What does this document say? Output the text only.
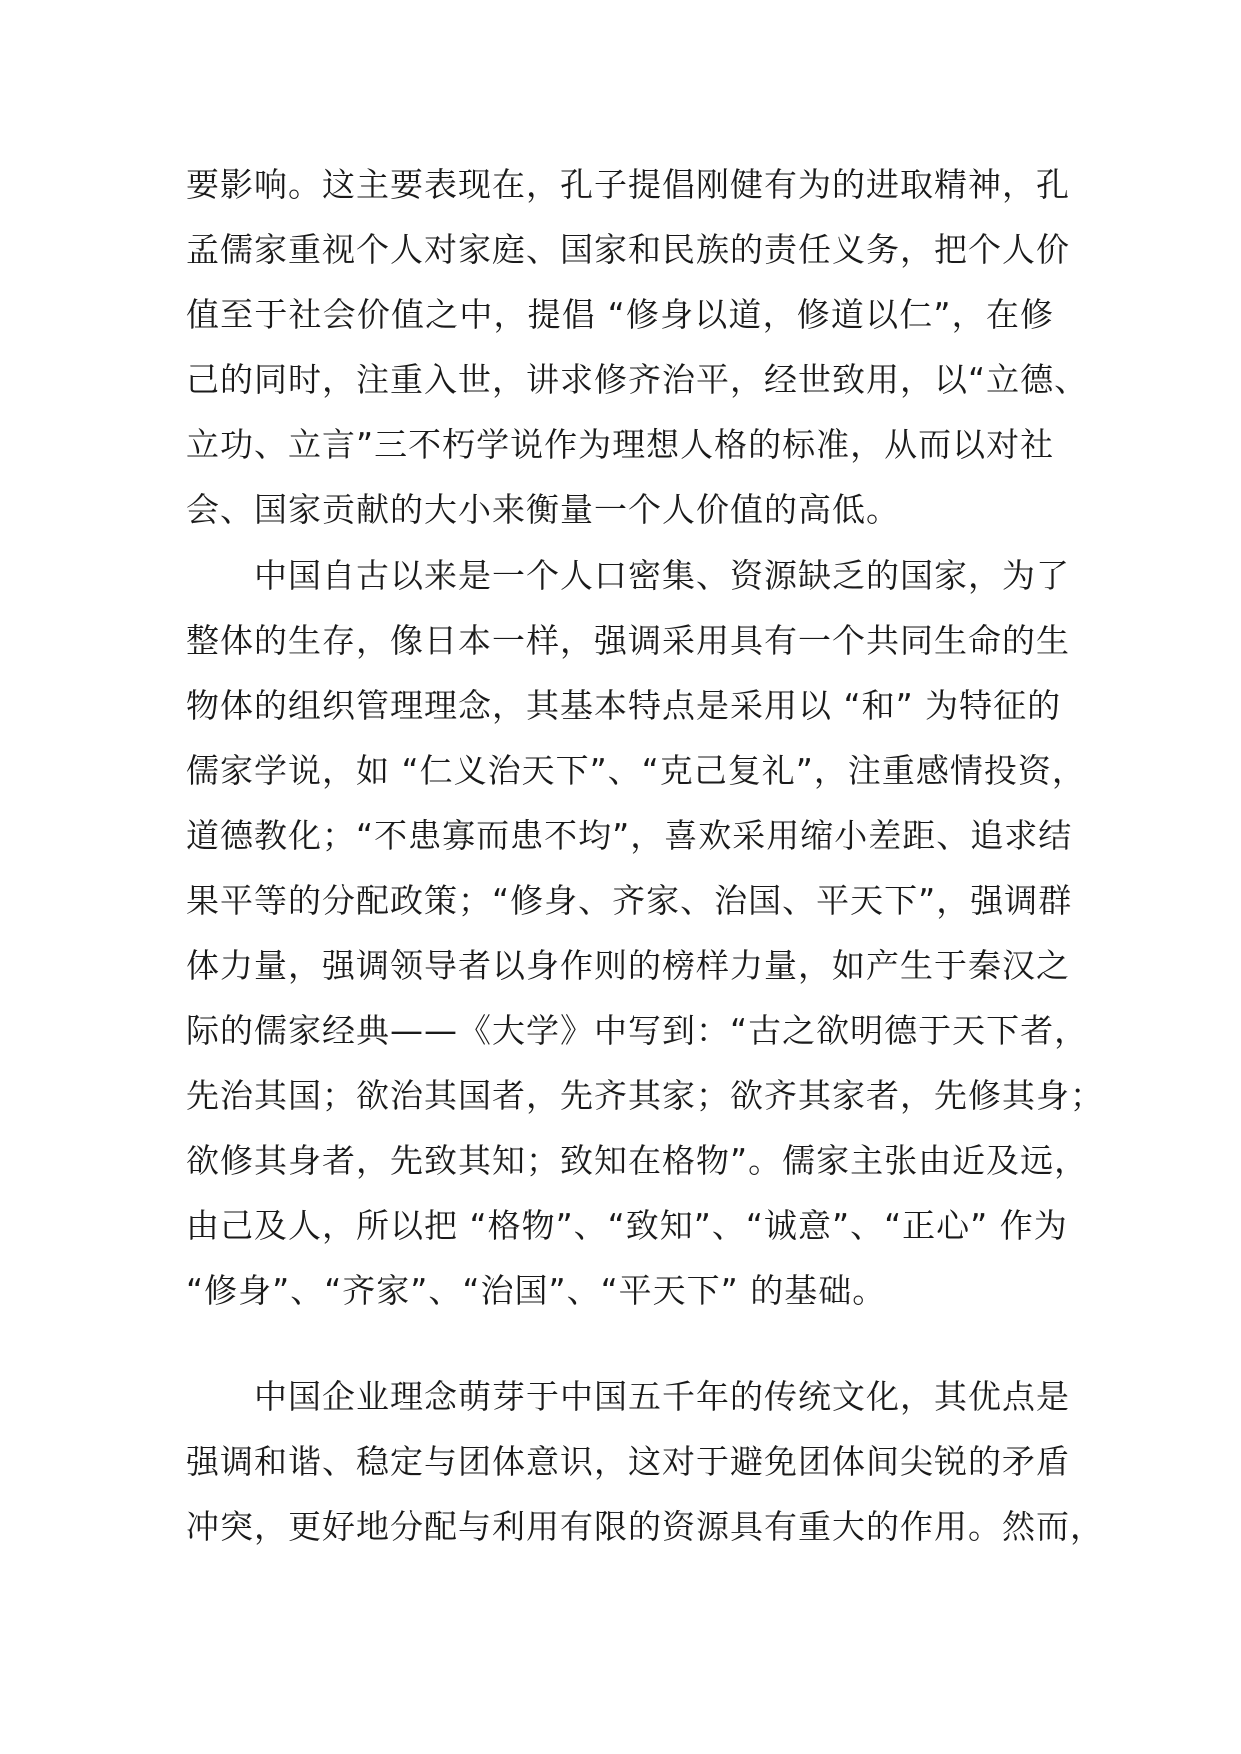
要影响。这主要表现在，孔子提倡刚健有为的进取精神，孔
孟儒家重视个人对家庭、国家和民族的责任义务，把个人价
值至于社会价值之中，提倡 “修身以道，修道以仁”，在修
己的同时，注重入世，讲求修齐治平，经世致用，以“立德、
立功、立言”三不朽学说作为理想人格的标准，从而以对社
会、国家贡献的大小来衡量一个人价值的高低。
中国自古以来是一个人口密集、资源缺乏的国家，为了
整体的生存，像日本一样，强调采用具有一个共同生命的生
物体的组织管理理念，其基本特点是采用以 “和” 为特征的
儒家学说，如 “仁义治天下”、“克己复礼”，注重感情投资，
道德教化；“不患寡而患不均”，喜欢采用缩小差距、追求结
果平等的分配政策；“修身、齐家、治国、平天下”，强调群
体力量，强调领导者以身作则的榜样力量，如产生于秦汉之
际的儒家经典——《大学》中写到：“古之欲明德于天下者，
先治其国；欲治其国者，先齐其家；欲齐其家者，先修其身；
欲修其身者，先致其知；致知在格物”。儒家主张由近及远，
由己及人，所以把 “格物”、“致知”、“诚意”、“正心” 作为
“修身”、“齐家”、“治国”、“平天下” 的基础。
中国企业理念萌芽于中国五千年的传统文化，其优点是
强调和谐、稳定与团体意识，这对于避免团体间尖锐的矛盾
冲突，更好地分配与利用有限的资源具有重大的作用。然而，
